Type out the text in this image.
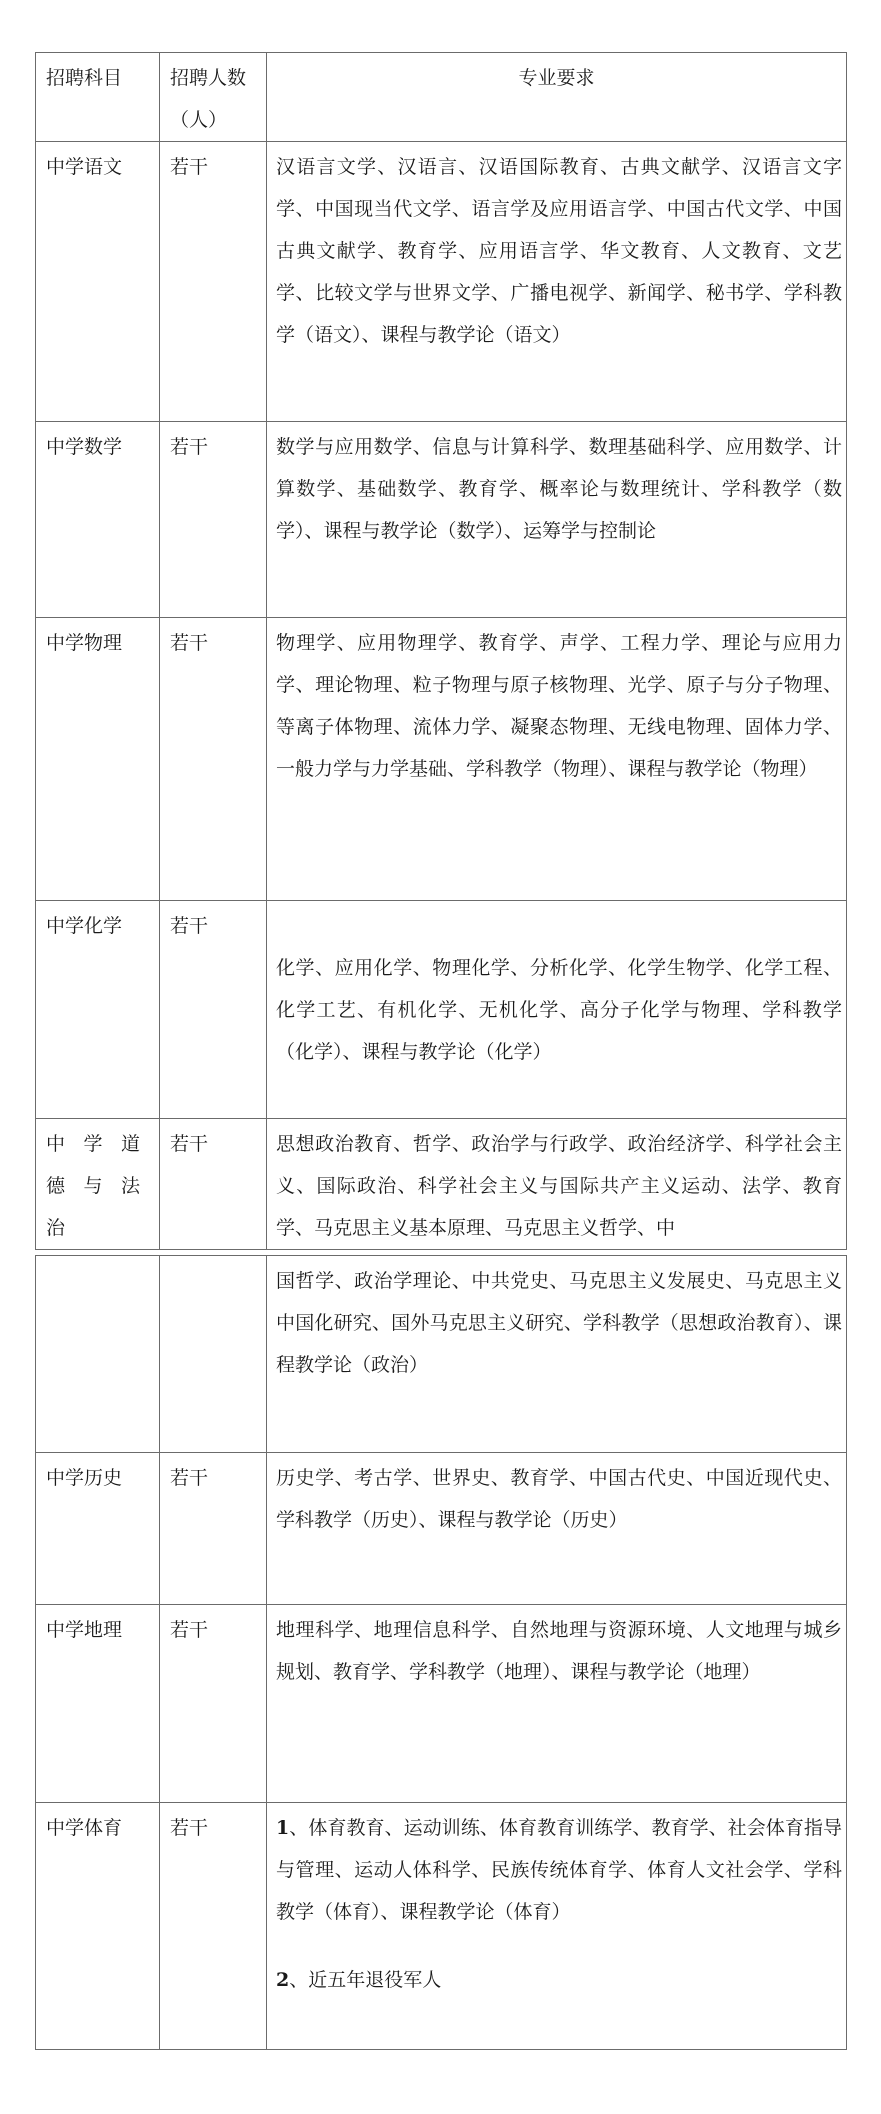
招聘科目	招聘人数（人）	专业要求

中学语文	若干	汉语言文学、汉语言、汉语国际教育、古典文献学、汉语言文字学、中国现当代文学、语言学及应用语言学、中国古代文学、中国古典文献学、教育学、应用语言学、华文教育、人文教育、文艺学、比较文学与世界文学、广播电视学、新闻学、秘书学、学科教学（语文）、课程与教学论（语文）

中学数学	若干	数学与应用数学、信息与计算科学、数理基础科学、应用数学、计算数学、基础数学、教育学、概率论与数理统计、学科教学（数学）、课程与教学论（数学）、运筹学与控制论

中学物理	若干	物理学、应用物理学、教育学、声学、工程力学、理论与应用力学、理论物理、粒子物理与原子核物理、光学、原子与分子物理、等离子体物理、流体力学、凝聚态物理、无线电物理、固体力学、一般力学与力学基础、学科教学（物理）、课程与教学论（物理）

中学化学	若干	化学、应用化学、物理化学、分析化学、化学生物学、化学工程、化学工艺、有机化学、无机化学、高分子化学与物理、学科教学（化学）、课程与教学论（化学）

中学道德与法治	若干	思想政治教育、哲学、政治学与行政学、政治经济学、科学社会主义、国际政治、科学社会主义与国际共产主义运动、法学、教育学、马克思主义基本原理、马克思主义哲学、中

		国哲学、政治学理论、中共党史、马克思主义发展史、马克思主义中国化研究、国外马克思主义研究、学科教学（思想政治教育）、课程教学论（政治）

中学历史	若干	历史学、考古学、世界史、教育学、中国古代史、中国近现代史、学科教学（历史）、课程与教学论（历史）

中学地理	若干	地理科学、地理信息科学、自然地理与资源环境、人文地理与城乡规划、教育学、学科教学（地理）、课程与教学论（地理）

中学体育	若干	1、体育教育、运动训练、体育教育训练学、教育学、社会体育指导与管理、运动人体科学、民族传统体育学、体育人文社会学、学科教学（体育）、课程教学论（体育）
2、近五年退役军人
